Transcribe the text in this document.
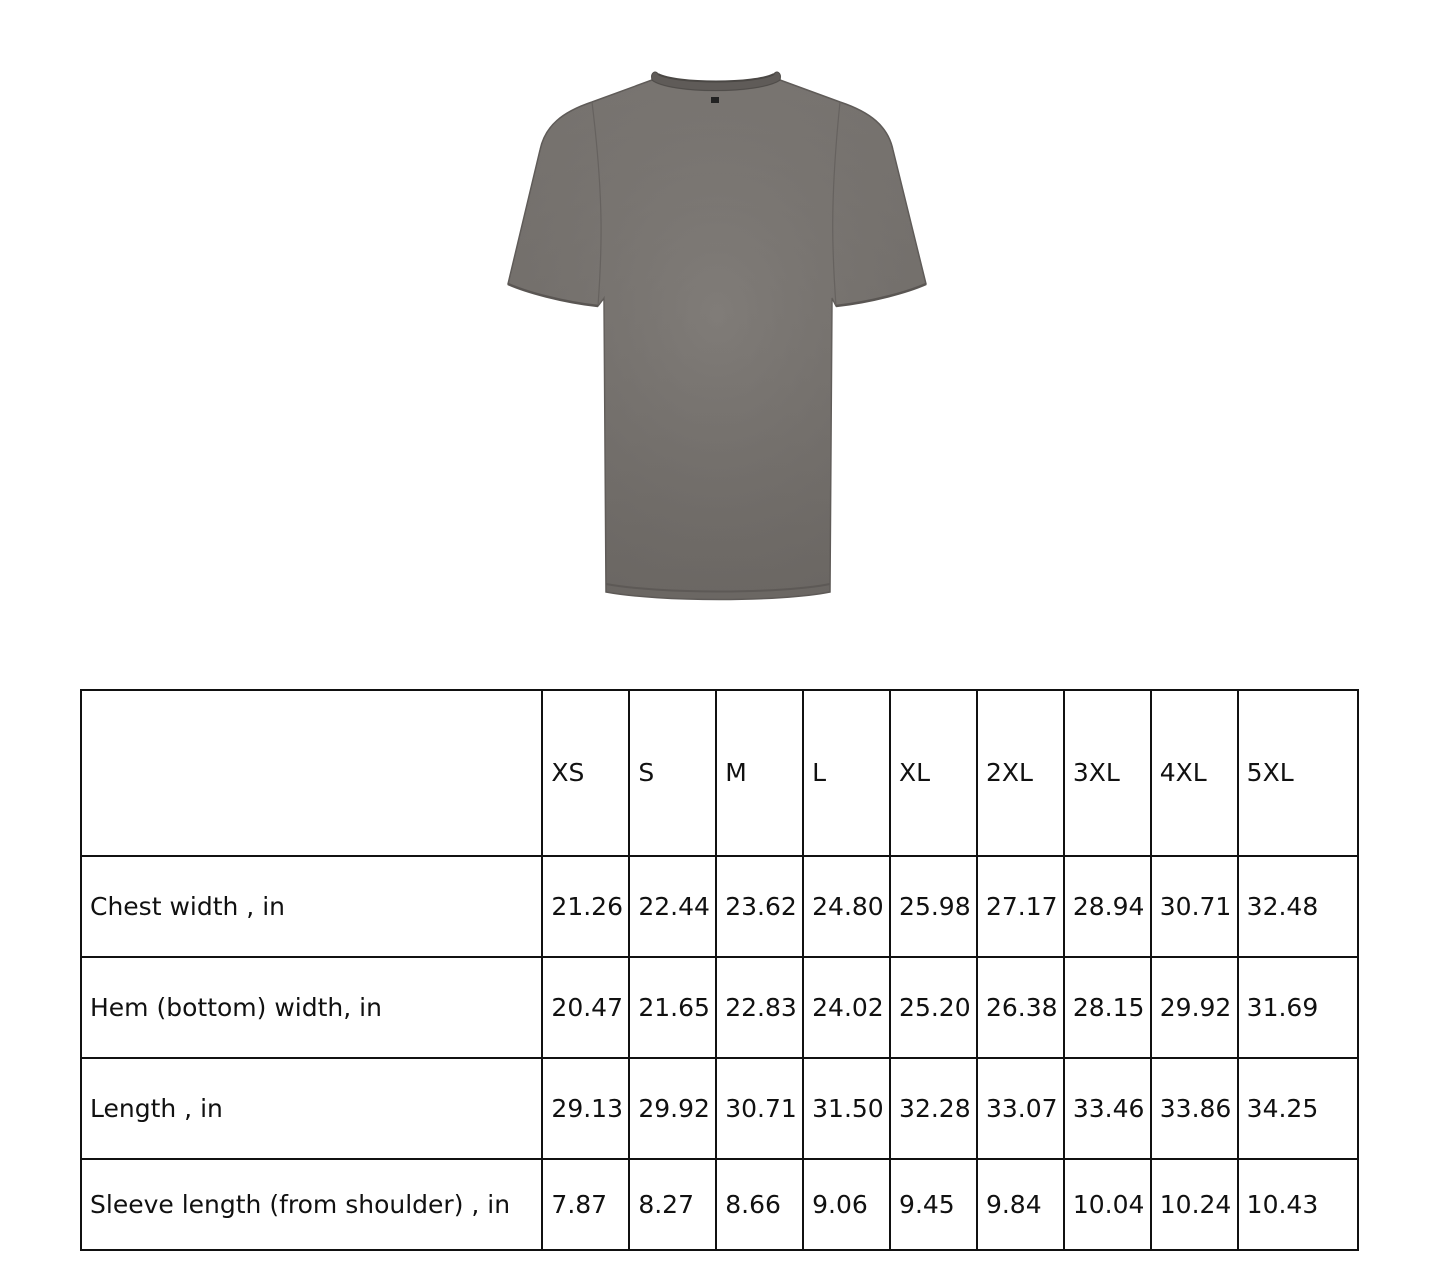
	XS	S	M	L	XL	2XL	3XL	4XL	5XL
Chest width , in	21.26	22.44	23.62	24.80	25.98	27.17	28.94	30.71	32.48
Hem (bottom) width, in	20.47	21.65	22.83	24.02	25.20	26.38	28.15	29.92	31.69
Length , in	29.13	29.92	30.71	31.50	32.28	33.07	33.46	33.86	34.25
Sleeve length (from shoulder) , in	7.87	8.27	8.66	9.06	9.45	9.84	10.04	10.24	10.43
